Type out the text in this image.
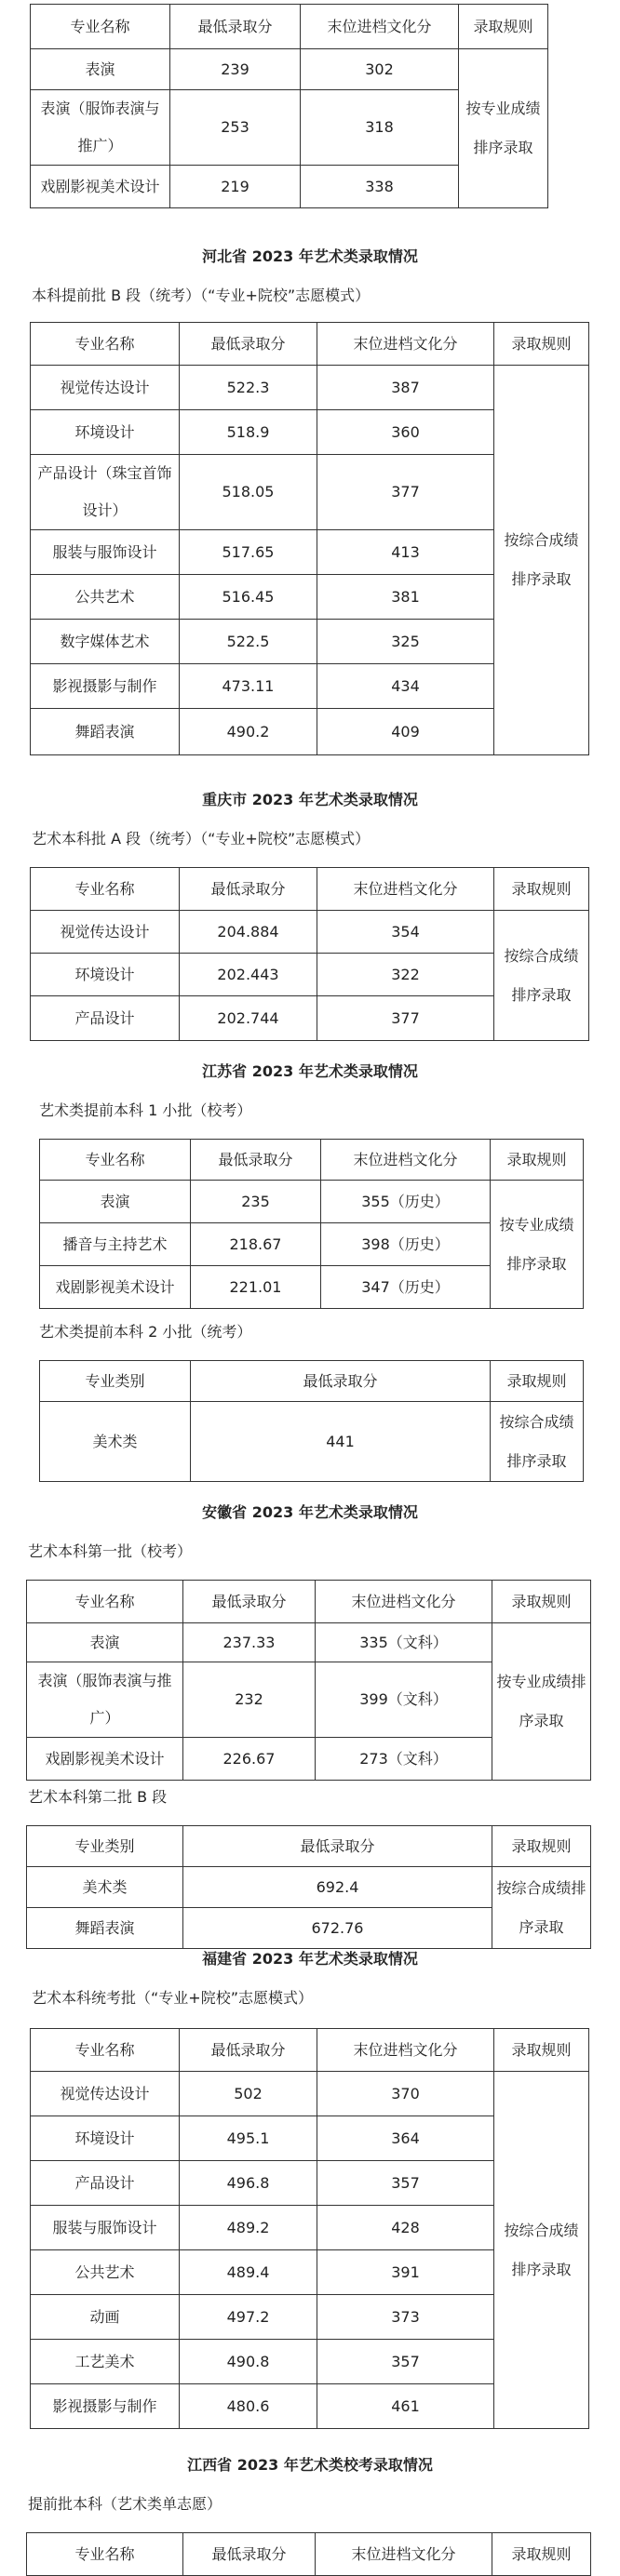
专业名称	最低录取分	末位进档文化分	录取规则
表演	239	302	按专业成绩排序录取
表演（服饰表演与推广）	253	318	
戏剧影视美术设计	219	338	
河北省 2023 年艺术类录取情况
本科提前批 B 段（统考）（“专业+院校”志愿模式）
专业名称	最低录取分	末位进档文化分	录取规则
视觉传达设计	522.3	387	按综合成绩排序录取
环境设计	518.9	360	
产品设计（珠宝首饰设计）	518.05	377	
服装与服饰设计	517.65	413	
公共艺术	516.45	381	
数字媒体艺术	522.5	325	
影视摄影与制作	473.11	434	
舞蹈表演	490.2	409	
重庆市 2023 年艺术类录取情况
艺术本科批 A 段（统考）（“专业+院校”志愿模式）
专业名称	最低录取分	末位进档文化分	录取规则
视觉传达设计	204.884	354	按综合成绩排序录取
环境设计	202.443	322	
产品设计	202.744	377	
江苏省 2023 年艺术类录取情况
艺术类提前本科 1 小批（校考）
专业名称	最低录取分	末位进档文化分	录取规则
表演	235	355（历史）	按专业成绩排序录取
播音与主持艺术	218.67	398（历史）	
戏剧影视美术设计	221.01	347（历史）	
艺术类提前本科 2 小批（统考）
专业类别	最低录取分	录取规则
美术类	441	按综合成绩排序录取
安徽省 2023 年艺术类录取情况
艺术本科第一批（校考）
专业名称	最低录取分	末位进档文化分	录取规则
表演	237.33	335（文科）	按专业成绩排序录取
表演（服饰表演与推广）	232	399（文科）	
戏剧影视美术设计	226.67	273（文科）	
艺术本科第二批 B 段
专业类别	最低录取分	录取规则
美术类	692.4	按综合成绩排序录取
舞蹈表演	672.76	
福建省 2023 年艺术类录取情况
艺术本科统考批（“专业+院校”志愿模式）
专业名称	最低录取分	末位进档文化分	录取规则
视觉传达设计	502	370	按综合成绩排序录取
环境设计	495.1	364	
产品设计	496.8	357	
服装与服饰设计	489.2	428	
公共艺术	489.4	391	
动画	497.2	373	
工艺美术	490.8	357	
影视摄影与制作	480.6	461	
江西省 2023 年艺术类校考录取情况
提前批本科（艺术类单志愿）
专业名称	最低录取分	末位进档文化分	录取规则
